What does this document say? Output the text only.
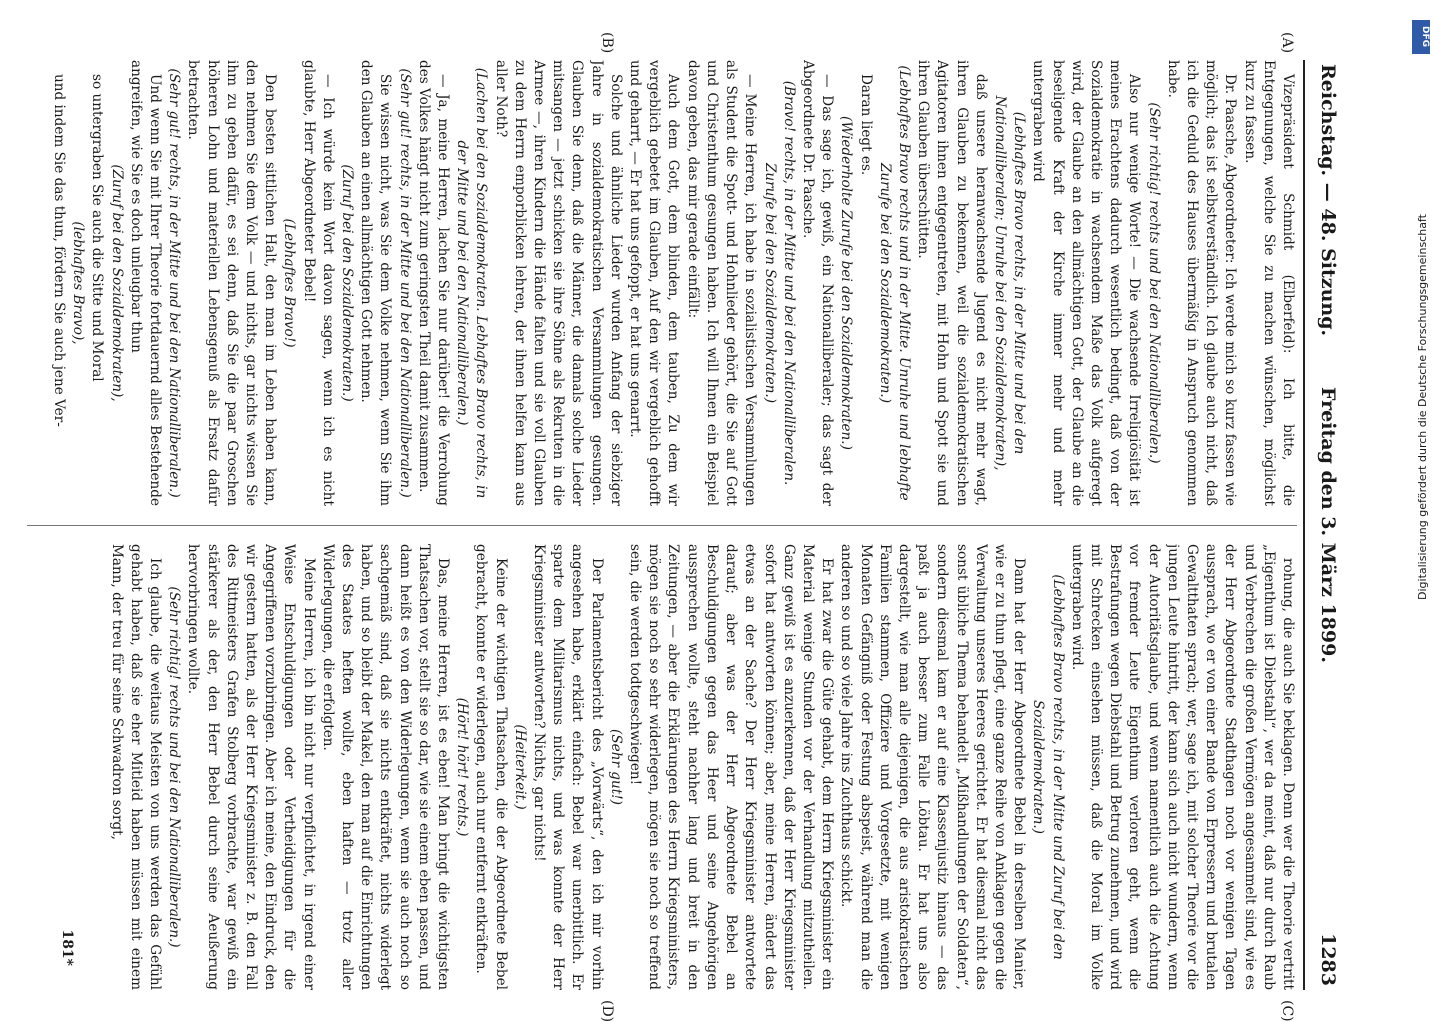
Reichstag. — 48. Sitzung.
Freitag den 3. März 1899.
1283
(A)
(B)
(C)
(D)

Vizepräsident Schmidt (Elberfeld): Ich bitte, die Entgegnungen, welche Sie zu machen wünschen, möglichst kurz zu fassen.

Dr. Paasche, Abgeordneter: Ich werde mich so kurz fassen wie möglich; das ist selbstverständlich. Ich glaube auch nicht, daß ich die Geduld des Hauses übermäßig in Anspruch genommen habe.

(Sehr richtig! rechts und bei den Nationalliberalen.)

Also nur wenige Worte! — Die wachsende Irreligiösität ist meines Erachtens dadurch wesentlich bedingt, daß von der Sozialdemokratie in wachsendem Maße das Volk aufgeregt wird, der Glaube an den allmächtigen Gott, der Glaube an die beseligende Kraft der Kirche immer mehr und mehr untergraben wird

(Lebhaftes Bravo rechts, in der Mitte und bei den Nationalliberalen; Unruhe bei den Sozialdemokraten),

daß unsere heranwachsende Jugend es nicht mehr wagt, ihren Glauben zu bekennen, weil die sozialdemokratischen Agitatoren ihnen entgegentreten, mit Hohn und Spott sie und ihren Glauben überschütten.

(Lebhaftes Bravo rechts und in der Mitte. Unruhe und lebhafte Zurufe bei den Sozialdemokraten.)

Daran liegt es.

(Wiederholte Zurufe bei den Sozialdemokraten.)

— Das sage ich, gewiß, ein Nationalliberaler; das sagt der Abgeordnete Dr. Paasche.

(Bravo! rechts, in der Mitte und bei den Nationalliberalen. Zurufe bei den Sozialdemokraten.)

— Meine Herren, ich habe in sozialistischen Versammlungen als Student die Spott- und Hohnlieder gehört, die Sie auf Gott und Christenthum gesungen haben. Ich will Ihnen ein Beispiel davon geben, das mir gerade einfällt:

Auch dem Gott, dem blinden, dem tauben, Zu dem wir vergeblich gebetet im Glauben, Auf den wir vergeblich gehofft und geharrt, — Er hat uns gefoppt, er hat uns genarrt.

Solche und ähnliche Lieder wurden Anfang der siebziger Jahre in sozialdemokratischen Versammlungen gesungen. Glauben Sie denn, daß die Männer, die damals solche Lieder mitsangen — jetzt schicken sie ihre Söhne als Rekruten in die Armee —, ihren Kindern die Hände falten und sie voll Glauben zu dem Herrn emporblicken lehren, der ihnen helfen kann aus aller Noth?

(Lachen bei den Sozialdemokraten. Lebhaftes Bravo rechts, in der Mitte und bei den Nationalliberalen.)

— Ja, meine Herren, lachen Sie nur darüber! die Verrohung des Volkes hängt nicht zum geringsten Theil damit zusammen.

(Sehr gut! rechts, in der Mitte und bei den Nationalliberalen.)

Sie wissen nicht, was Sie dem Volke nehmen, wenn Sie ihm den Glauben an einen allmächtigen Gott nehmen.

(Zuruf bei den Sozialdemokraten.)

— Ich würde kein Wort davon sagen, wenn ich es nicht glaubte, Herr Abgeordneter Bebel!

(Lebhaftes Bravo!)

Den besten sittlichen Halt, den man im Leben haben kann, den nehmen Sie dem Volk — und nichts, gar nichts wissen Sie ihm zu geben dafür, es sei denn, daß Sie die paar Groschen höheren Lohn und materiellen Lebensgenuß als Ersatz dafür betrachten.

(Sehr gut! rechts, in der Mitte und bei den Nationalliberalen.)

Und wenn Sie mit Ihrer Theorie fortdauernd alles Bestehende angreifen, wie Sie es doch unleugbar thun

(Zuruf bei den Sozialdemokraten),

so untergraben Sie auch die Sitte und Moral

(lebhaftes Bravo),

und indem Sie das thun, fördern Sie auch jene Ver-

rohung, die auch Sie beklagen. Denn wer die Theorie vertritt „Eigenthum ist Diebstahl“, wer da meint, daß nur durch Raub und Verbrechen die großen Vermögen angesammelt sind, wie es der Herr Abgeordnete Stadthagen noch vor wenigen Tagen aussprach, wo er von einer Bande von Erpressern und brutalen Gewaltthaten sprach; wer, sage ich, mit solcher Theorie vor die jungen Leute hintritt, der kann sich auch nicht wundern, wenn der Autoritätsglaube, und wenn namentlich auch die Achtung vor fremder Leute Eigenthum verloren geht, wenn die Bestrafungen wegen Diebstahl und Betrug zunehmen, und wird mit Schrecken einsehen müssen, daß die Moral im Volke untergraben wird.

(Lebhaftes Bravo rechts, in der Mitte und Zuruf bei den Sozialdemokraten.)

Dann hat der Herr Abgeordnete Bebel in derselben Manier, wie er zu thun pflegt, eine ganze Reihe von Anklagen gegen die Verwaltung unseres Heeres gerichtet. Er hat diesmal nicht das sonst übliche Thema behandelt „Mißhandlungen der Soldaten“, sondern diesmal kam er auf eine Klassenjustiz hinaus — das paßt ja auch besser zum Falle Löbtau. Er hat uns also dargestellt, wie man alle diejenigen, die aus aristokratischen Familien stammen, Offiziere und Vorgesetzte, mit wenigen Monaten Gefängniß oder Festung abspeist, während man die anderen so und so viele Jahre ins Zuchthaus schickt.

Er hat zwar die Güte gehabt, dem Herrn Kriegsminister ein Material wenige Stunden vor der Verhandlung mitzutheilen. Ganz gewiß ist es anzuerkennen, daß der Herr Kriegsminister sofort hat antworten können; aber, meine Herren, ändert das etwas an der Sache? Der Herr Kriegsminister antwortete darauf; aber was der Herr Abgeordnete Bebel an Beschuldigungen gegen das Heer und seine Angehörigen aussprechen wollte, steht nachher lang und breit in den Zeitungen, — aber die Erklärungen des Herrn Kriegsministers, mögen sie noch so sehr widerlegen, mögen sie noch so treffend sein, die werden todtgeschwiegen!

(Sehr gut!)

Der Parlamentsbericht des „Vorwärts“, den ich mir vorhin angesehen habe, erklärt einfach: Bebel war unerbittlich. Er sparte dem Militarismus nichts, und was konnte der Herr Kriegsminister antworten? Nichts, gar nichts!

(Heiterkeit.)

Keine der wichtigen Thatsachen, die der Abgeordnete Bebel gebracht, konnte er widerlegen, auch nur entfernt entkräften.

(Hört! hört! rechts.)

Das, meine Herren, ist es eben! Man bringt die wichtigsten Thatsachen vor, stellt sie so dar, wie sie einem eben passen, und dann heißt es von den Widerlegungen, wenn sie auch noch so sachgemäß sind, daß sie nichts entkräftet, nichts widerlegt haben, und so bleibt der Makel, den man auf die Einrichtungen des Staates heften wollte, eben haften — trotz aller Widerlegungen, die erfolgten.

Meine Herren, ich bin nicht nur verpflichtet, in irgend einer Weise Entschuldigungen oder Vertheidigungen für die Angegriffenen vorzubringen. Aber ich meine, den Eindruck, den wir gestern hatten, als der Herr Kriegsminister z. B. den Fall des Rittmeisters Grafen Stolberg vorbrachte, war gewiß ein stärkerer als der, den Herr Bebel durch seine Aeußerung hervorbringen wollte.

(Sehr richtig! rechts und bei den Nationalliberalen.)

Ich glaube, die weitaus Meisten von uns werden das Gefühl gehabt haben, daß sie eher Mitleid haben müssen mit einem Mann, der treu für seine Schwadron sorgt,

181*
DFG
Digitalisierung gefördert durch die Deutsche Forschungsgemeinschaft
